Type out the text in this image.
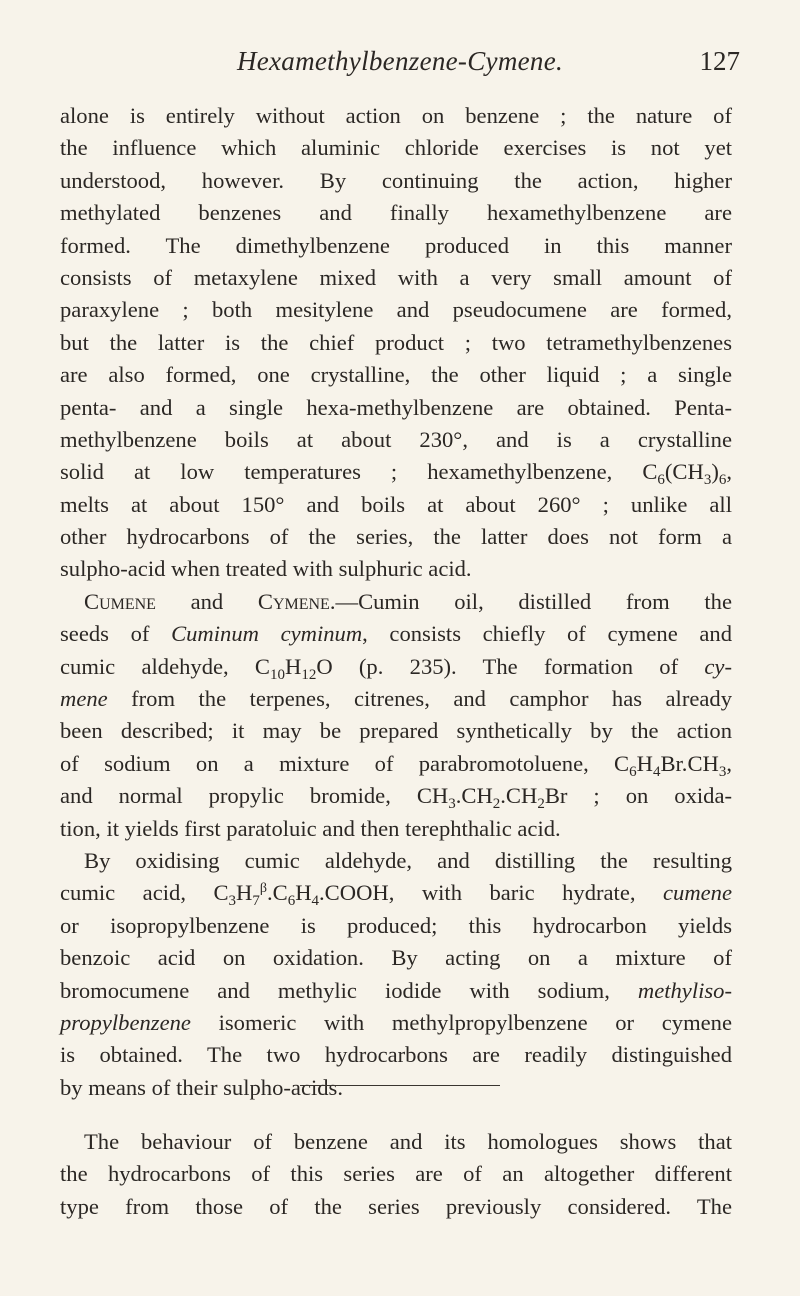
Hexamethylbenzene-Cymene.	127
alone is entirely without action on benzene ; the nature of
the influence which aluminic chloride exercises is not yet
understood, however. By continuing the action, higher
methylated benzenes and finally hexamethylbenzene are
formed. The dimethylbenzene produced in this manner
consists of metaxylene mixed with a very small amount of
paraxylene ; both mesitylene and pseudocumene are formed,
but the latter is the chief product ; two tetramethylbenzenes
are also formed, one crystalline, the other liquid ; a single
penta- and a single hexa-methylbenzene are obtained. Penta-
methylbenzene boils at about 230°, and is a crystalline
solid at low temperatures ; hexamethylbenzene, $C_6(CH_3)_6$,
melts at about 150° and boils at about 260° ; unlike all
other hydrocarbons of the series, the latter does not form a
sulpho-acid when treated with sulphuric acid.
Cumene and Cymene.—Cumin oil, distilled from the
seeds of Cuminum cyminum, consists chiefly of cymene and
cumic aldehyde, $C_{10}H_{12}O$ (p. 235). The formation of cy-
mene from the terpenes, citrenes, and camphor has already
been described; it may be prepared synthetically by the action
of sodium on a mixture of parabromotoluene, $C_6H_4Br.CH_3$,
and normal propylic bromide, $CH_3.CH_2.CH_2Br$ ; on oxida-
tion, it yields first paratoluic and then terephthalic acid.
By oxidising cumic aldehyde, and distilling the resulting
cumic acid, $C_3H_7^\beta.C_6H_4.COOH$, with baric hydrate, cumene
or isopropylbenzene is produced; this hydrocarbon yields
benzoic acid on oxidation. By acting on a mixture of
bromocumene and methylic iodide with sodium, methyliso-
propylbenzene isomeric with methylpropylbenzene or cymene
is obtained. The two hydrocarbons are readily distinguished
by means of their sulpho-acids.
The behaviour of benzene and its homologues shows that
the hydrocarbons of this series are of an altogether different
type from those of the series previously considered. The
